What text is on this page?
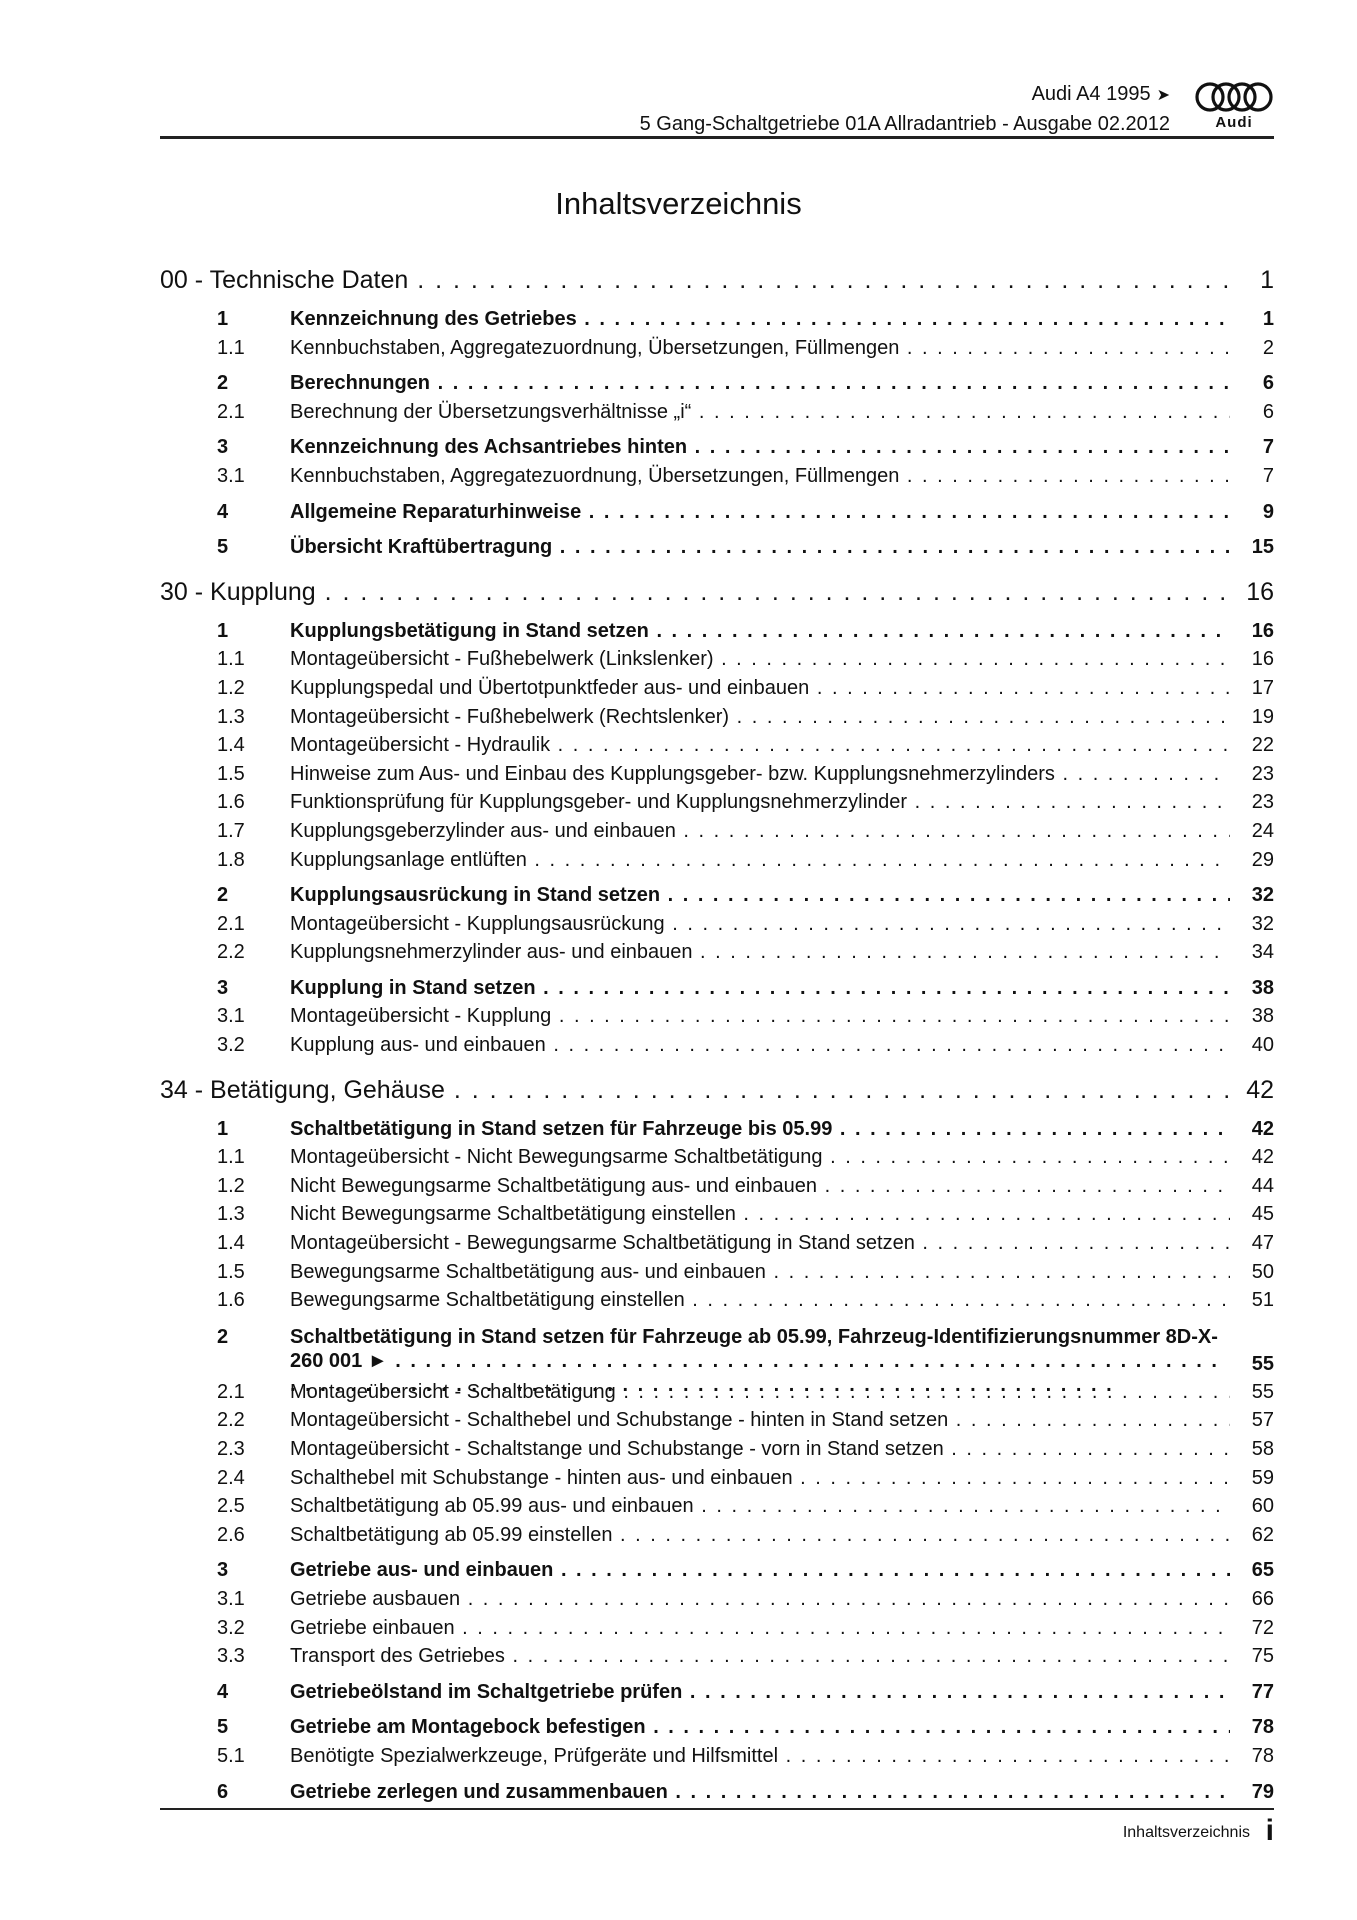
Audi A4 1995 ➤
5 Gang-Schaltgetriebe 01A Allradantrieb - Ausgabe 02.2012	Audi
Inhaltsverzeichnis
00 - Technische Daten . . .	1
1	Kennzeichnung des Getriebes . . .	1
1.1 Kennbuchstaben, Aggregatezuordnung, Übersetzungen, Füllmengen . . .	2
2	Berechnungen . . .	6
2.1 Berechnung der Übersetzungsverhältnisse „i“ . . .	6
3	Kennzeichnung des Achsantriebes hinten . . .	7
3.1 Kennbuchstaben, Aggregatezuordnung, Übersetzungen, Füllmengen . . .	7
4	Allgemeine Reparaturhinweise . . .	9
5	Übersicht Kraftübertragung . . .	15
30 - Kupplung . . .	16
1	Kupplungsbetätigung in Stand setzen . . .	16
1.1 Montageübersicht - Fußhebelwerk (Linkslenker) . . .	16
1.2 Kupplungspedal und Übertotpunktfeder aus- und einbauen . . .	17
1.3 Montageübersicht - Fußhebelwerk (Rechtslenker) . . .	19
1.4 Montageübersicht - Hydraulik . . .	22
1.5 Hinweise zum Aus- und Einbau des Kupplungsgeber- bzw. Kupplungsnehmerzylinders . . .	23
1.6 Funktionsprüfung für Kupplungsgeber- und Kupplungsnehmerzylinder . . .	23
1.7 Kupplungsgeberzylinder aus- und einbauen . . .	24
1.8 Kupplungsanlage entlüften . . .	29
2	Kupplungsausrückung in Stand setzen . . .	32
2.1 Montageübersicht - Kupplungsausrückung . . .	32
2.2 Kupplungsnehmerzylinder aus- und einbauen . . .	34
3	Kupplung in Stand setzen . . .	38
3.1 Montageübersicht - Kupplung . . .	38
3.2 Kupplung aus- und einbauen . . .	40
34 - Betätigung, Gehäuse . . .	42
1	Schaltbetätigung in Stand setzen für Fahrzeuge bis 05.99 . . .	42
1.1 Montageübersicht - Nicht Bewegungsarme Schaltbetätigung . . .	42
1.2 Nicht Bewegungsarme Schaltbetätigung aus- und einbauen . . .	44
1.3 Nicht Bewegungsarme Schaltbetätigung einstellen . . .	45
1.4 Montageübersicht - Bewegungsarme Schaltbetätigung in Stand setzen . . .	47
1.5 Bewegungsarme Schaltbetätigung aus- und einbauen . . .	50
1.6 Bewegungsarme Schaltbetätigung einstellen . . .	51
2	Schaltbetätigung in Stand setzen für Fahrzeuge ab 05.99, Fahrzeug-Identifizierungsnummer 8D-X-260 001 ► . . .	55
2.1 Montageübersicht - Schaltbetätigung . . .	55
2.2 Montageübersicht - Schalthebel und Schubstange - hinten in Stand setzen . . .	57
2.3 Montageübersicht - Schaltstange und Schubstange - vorn in Stand setzen . . .	58
2.4 Schalthebel mit Schubstange - hinten aus- und einbauen . . .	59
2.5 Schaltbetätigung ab 05.99 aus- und einbauen . . .	60
2.6 Schaltbetätigung ab 05.99 einstellen . . .	62
3	Getriebe aus- und einbauen . . .	65
3.1 Getriebe ausbauen . . .	66
3.2 Getriebe einbauen . . .	72
3.3 Transport des Getriebes . . .	75
4	Getriebeölstand im Schaltgetriebe prüfen . . .	77
5	Getriebe am Montagebock befestigen . . .	78
5.1 Benötigte Spezialwerkzeuge, Prüfgeräte und Hilfsmittel . . .	78
6	Getriebe zerlegen und zusammenbauen . . .	79
Inhaltsverzeichnis i
